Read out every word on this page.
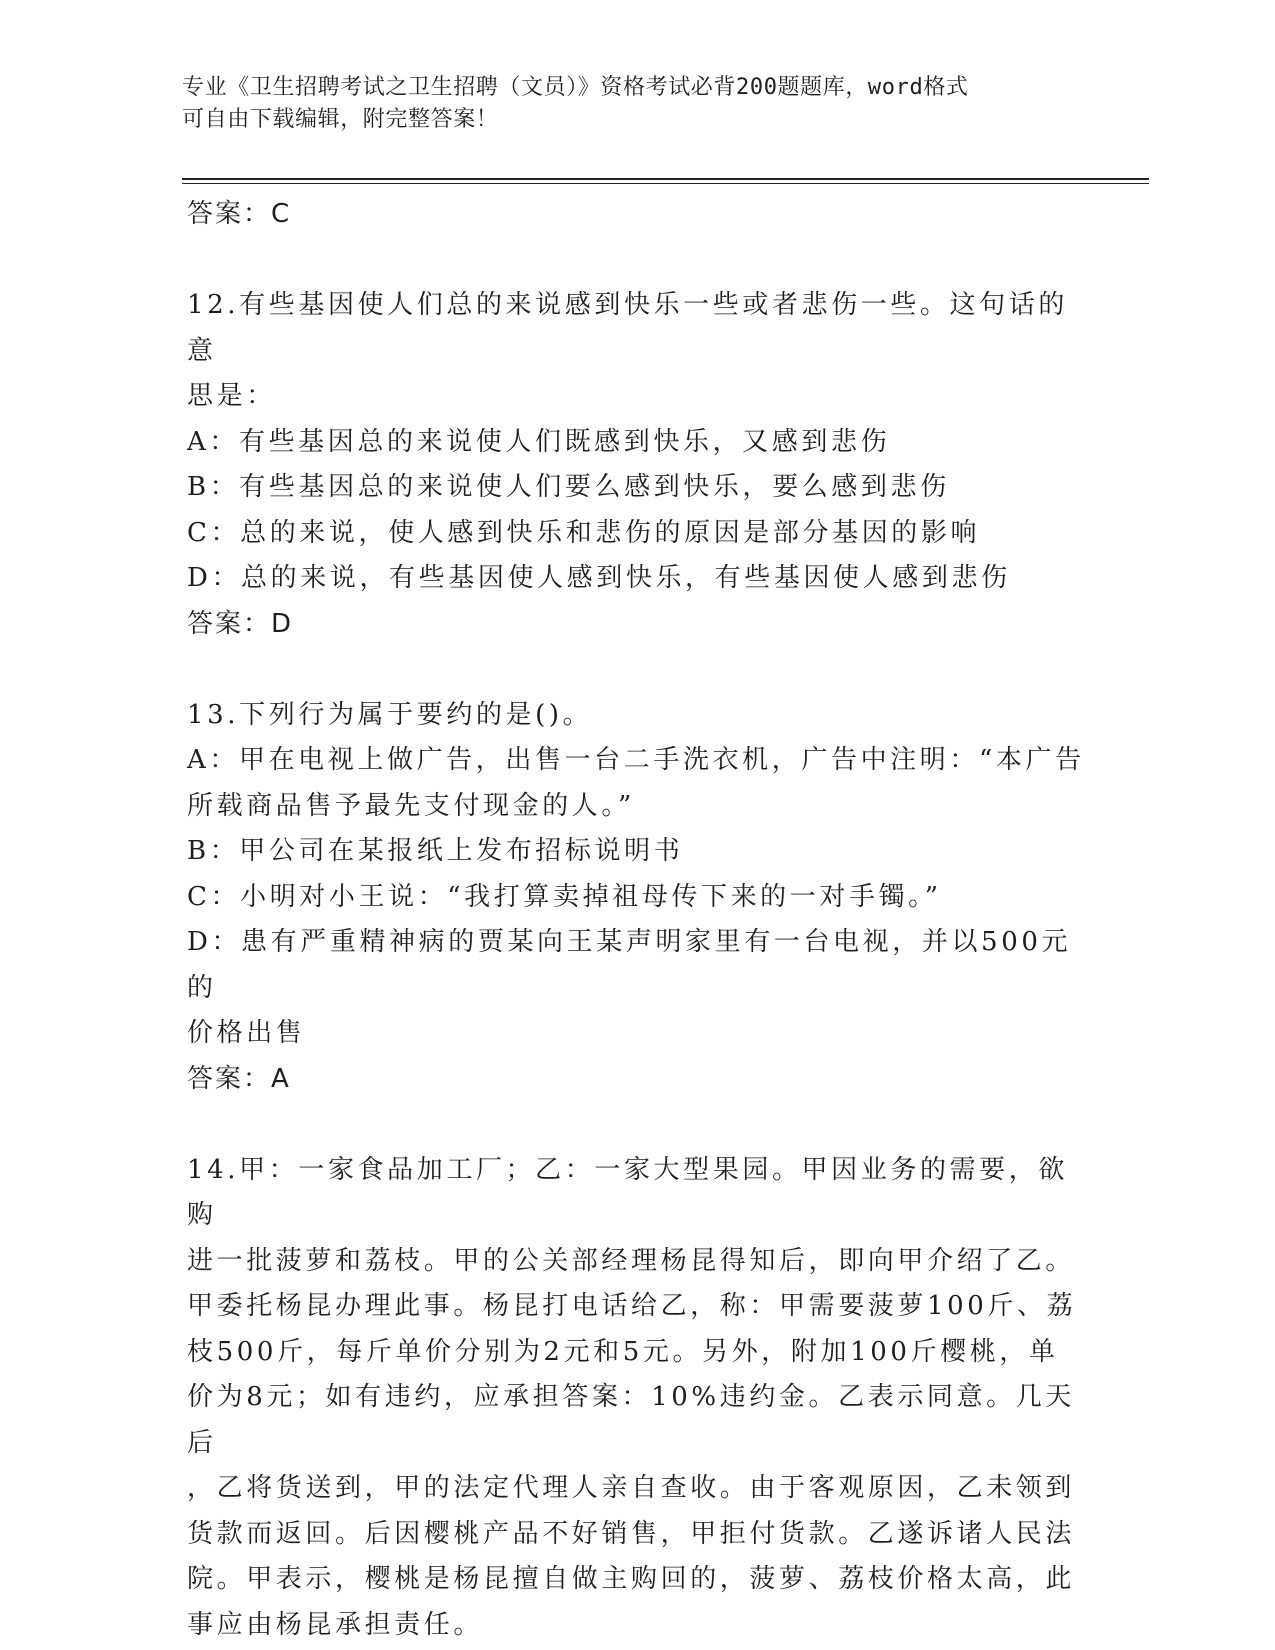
专业《卫生招聘考试之卫生招聘（文员）》资格考试必背200题题库，word格式
可自由下载编辑，附完整答案！
答案：C
12.有些基因使人们总的来说感到快乐一些或者悲伤一些。这句话的意
思是：
A：有些基因总的来说使人们既感到快乐，又感到悲伤
B：有些基因总的来说使人们要么感到快乐，要么感到悲伤
C：总的来说，使人感到快乐和悲伤的原因是部分基因的影响
D：总的来说，有些基因使人感到快乐，有些基因使人感到悲伤
答案：D
13.下列行为属于要约的是()。
A：甲在电视上做广告，出售一台二手洗衣机，广告中注明：“本广告
所载商品售予最先支付现金的人。”
B：甲公司在某报纸上发布招标说明书
C：小明对小王说：“我打算卖掉祖母传下来的一对手镯。”
D：患有严重精神病的贾某向王某声明家里有一台电视，并以500元的
价格出售
答案：A
14.甲：一家食品加工厂；乙：一家大型果园。甲因业务的需要，欲购
进一批菠萝和荔枝。甲的公关部经理杨昆得知后，即向甲介绍了乙。
甲委托杨昆办理此事。杨昆打电话给乙，称：甲需要菠萝100斤、荔
枝500斤，每斤单价分别为2元和5元。另外，附加100斤樱桃，单
价为8元；如有违约，应承担答案：10%违约金。乙表示同意。几天后
，乙将货送到，甲的法定代理人亲自查收。由于客观原因，乙未领到
货款而返回。后因樱桃产品不好销售，甲拒付货款。乙遂诉诸人民法
院。甲表示，樱桃是杨昆擅自做主购回的，菠萝、荔枝价格太高，此
事应由杨昆承担责任。
